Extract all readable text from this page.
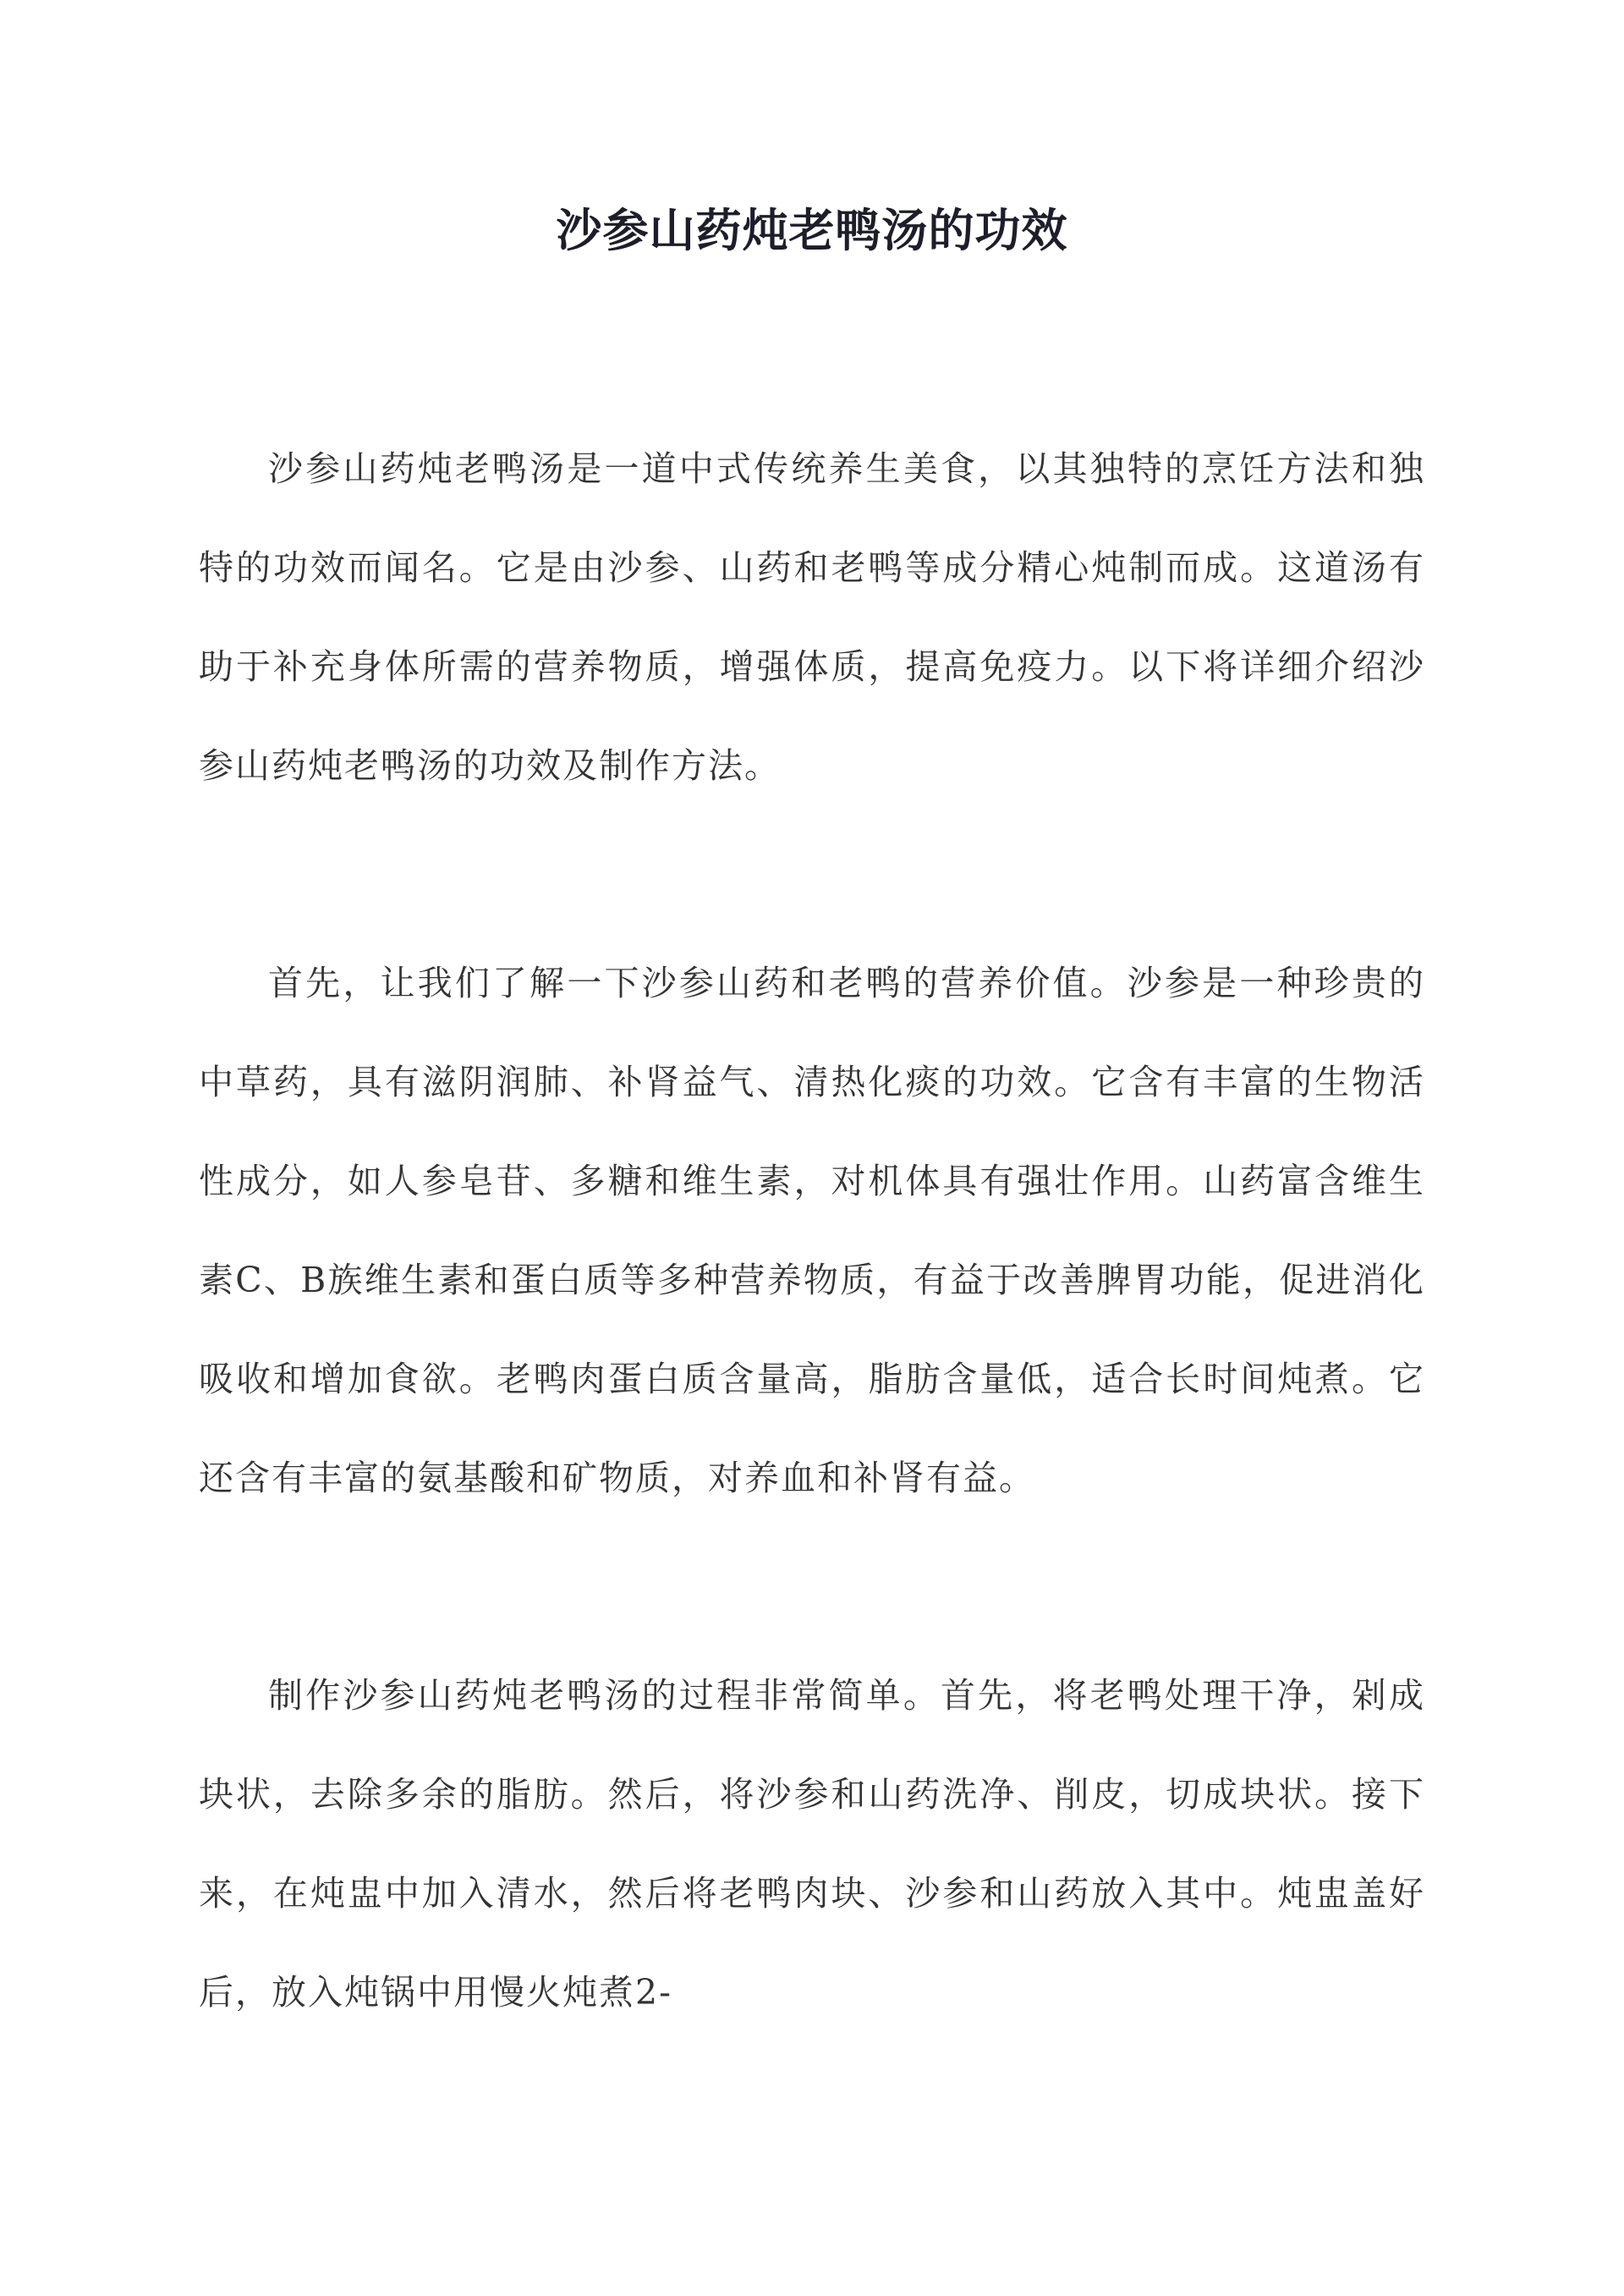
沙参山药炖老鸭汤的功效

沙参山药炖老鸭汤是一道中式传统养生美食，以其独特的烹饪方法和独特的功效而闻名。它是由沙参、山药和老鸭等成分精心炖制而成。这道汤有助于补充身体所需的营养物质，增强体质，提高免疫力。以下将详细介绍沙参山药炖老鸭汤的功效及制作方法。

首先，让我们了解一下沙参山药和老鸭的营养价值。沙参是一种珍贵的中草药，具有滋阴润肺、补肾益气、清热化痰的功效。它含有丰富的生物活性成分，如人参皂苷、多糖和维生素，对机体具有强壮作用。山药富含维生素C、B族维生素和蛋白质等多种营养物质，有益于改善脾胃功能，促进消化吸收和增加食欲。老鸭肉蛋白质含量高，脂肪含量低，适合长时间炖煮。它还含有丰富的氨基酸和矿物质，对养血和补肾有益。

制作沙参山药炖老鸭汤的过程非常简单。首先，将老鸭处理干净，剁成块状，去除多余的脂肪。然后，将沙参和山药洗净、削皮，切成块状。接下来，在炖盅中加入清水，然后将老鸭肉块、沙参和山药放入其中。炖盅盖好后，放入炖锅中用慢火炖煮2-
